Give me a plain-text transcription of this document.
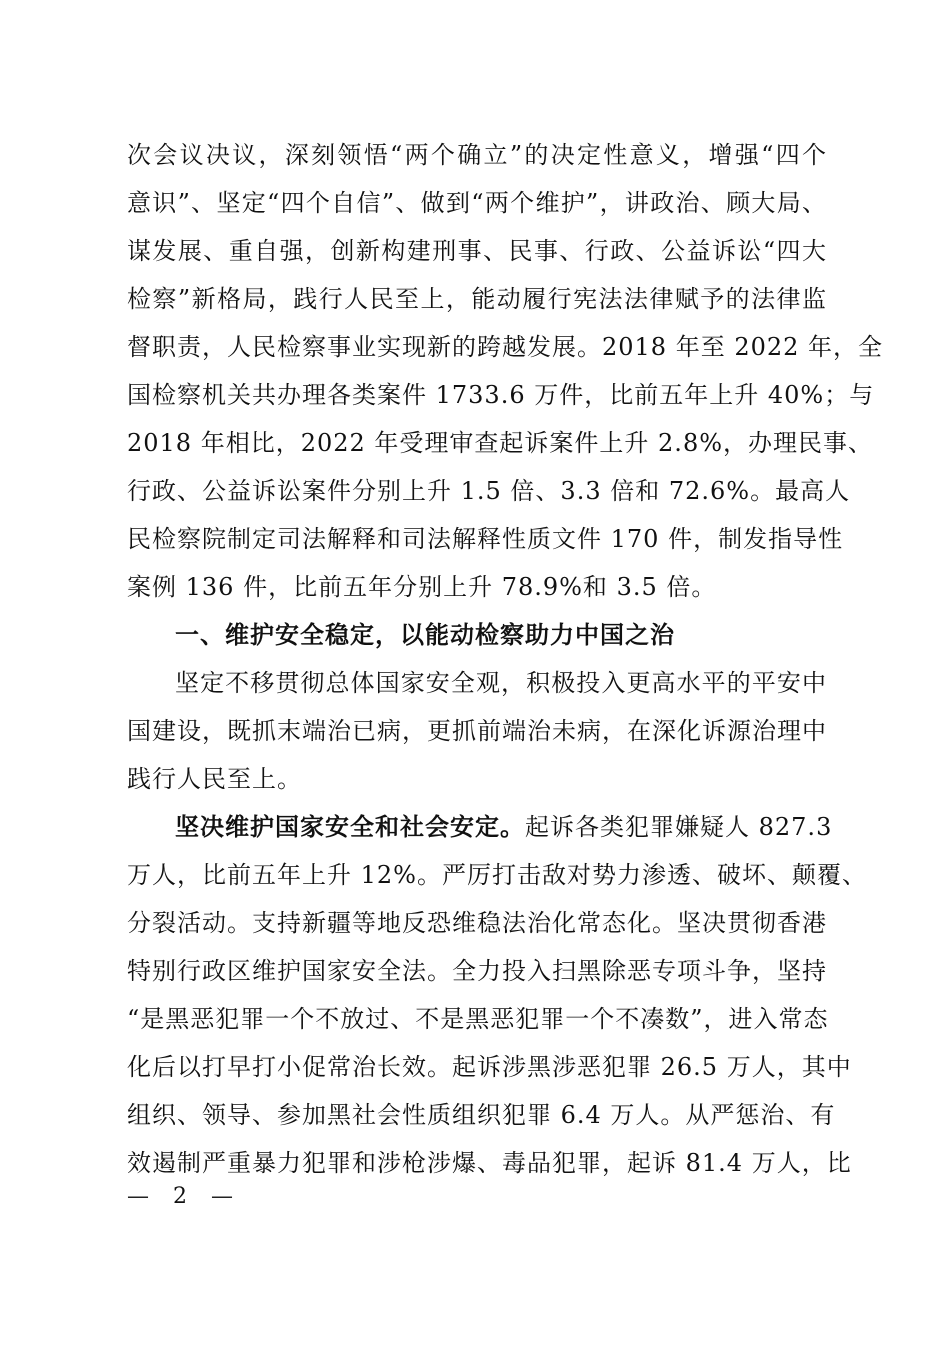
次会议决议，深刻领悟“两个确立”的决定性意义，增强“四个
意识”、坚定“四个自信”、做到“两个维护”，讲政治、顾大局、
谋发展、重自强，创新构建刑事、民事、行政、公益诉讼“四大
检察”新格局，践行人民至上，能动履行宪法法律赋予的法律监
督职责，人民检察事业实现新的跨越发展。2018 年至 2022 年，全
国检察机关共办理各类案件 1733.6 万件，比前五年上升 40%；与
2018 年相比，2022 年受理审查起诉案件上升 2.8%，办理民事、
行政、公益诉讼案件分别上升 1.5 倍、3.3 倍和 72.6%。最高人
民检察院制定司法解释和司法解释性质文件 170 件，制发指导性
案例 136 件，比前五年分别上升 78.9%和 3.5 倍。
一、维护安全稳定，以能动检察助力中国之治
坚定不移贯彻总体国家安全观，积极投入更高水平的平安中
国建设，既抓末端治已病，更抓前端治未病，在深化诉源治理中
践行人民至上。
坚决维护国家安全和社会安定。起诉各类犯罪嫌疑人 827.3
万人，比前五年上升 12%。严厉打击敌对势力渗透、破坏、颠覆、
分裂活动。支持新疆等地反恐维稳法治化常态化。坚决贯彻香港
特别行政区维护国家安全法。全力投入扫黑除恶专项斗争，坚持
“是黑恶犯罪一个不放过、不是黑恶犯罪一个不凑数”，进入常态
化后以打早打小促常治长效。起诉涉黑涉恶犯罪 26.5 万人，其中
组织、领导、参加黑社会性质组织犯罪 6.4 万人。从严惩治、有
效遏制严重暴力犯罪和涉枪涉爆、毒品犯罪，起诉 81.4 万人，比
— 2 —
